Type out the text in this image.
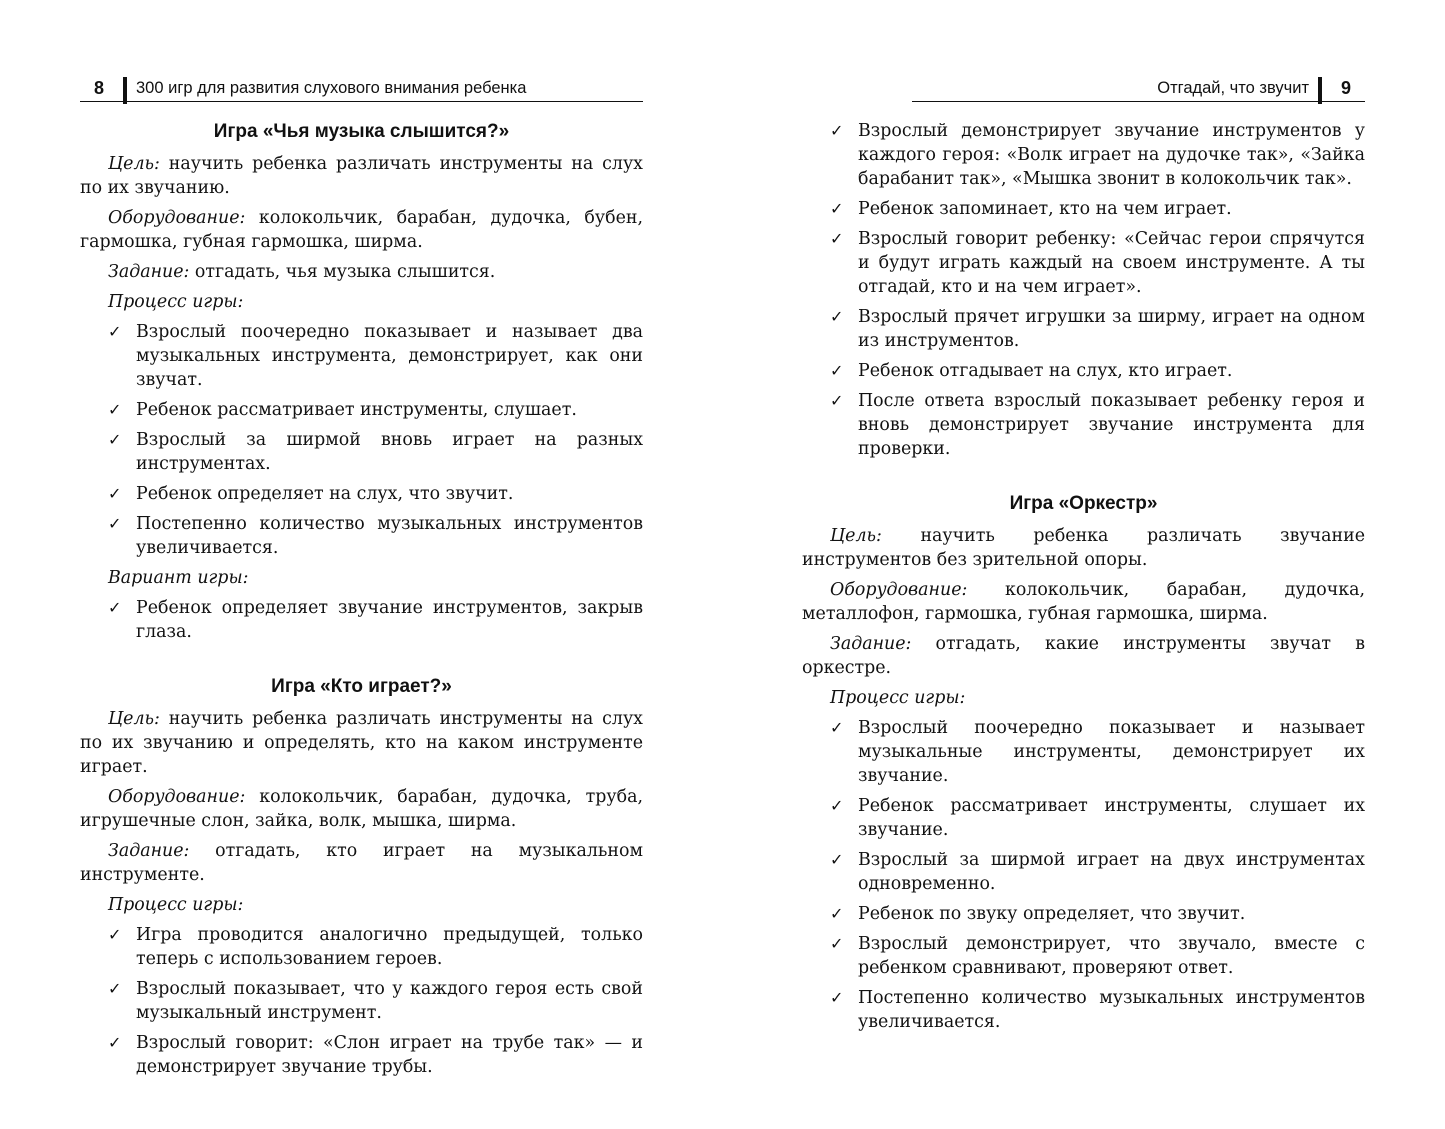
8 300 игр для развития слухового внимания ребенка
Игра «Чья музыка слышится?»
Цель: научить ребенка различать инструменты на слух по их звучанию.
Оборудование: колокольчик, барабан, дудочка, бубен, гармошка, губная гармошка, ширма.
Задание: отгадать, чья музыка слышится.
Процесс игры:
✓ Взрослый поочередно показывает и называет два музыкальных инструмента, демонстрирует, как они звучат.
✓ Ребенок рассматривает инструменты, слушает.
✓ Взрослый за ширмой вновь играет на разных инструментах.
✓ Ребенок определяет на слух, что звучит.
✓ Постепенно количество музыкальных инструментов увеличивается.
Вариант игры:
✓ Ребенок определяет звучание инструментов, закрыв глаза.
Игра «Кто играет?»
Цель: научить ребенка различать инструменты на слух по их звучанию и определять, кто на каком инструменте играет.
Оборудование: колокольчик, барабан, дудочка, труба, игрушечные слон, зайка, волк, мышка, ширма.
Задание: отгадать, кто играет на музыкальном инструменте.
Процесс игры:
✓ Игра проводится аналогично предыдущей, только теперь с использованием героев.
✓ Взрослый показывает, что у каждого героя есть свой музыкальный инструмент.
✓ Взрослый говорит: «Слон играет на трубе так» — и демонстрирует звучание трубы.
Отгадай, что звучит 9
✓ Взрослый демонстрирует звучание инструментов у каждого героя: «Волк играет на дудочке так», «Зайка барабанит так», «Мышка звонит в колокольчик так».
✓ Ребенок запоминает, кто на чем играет.
✓ Взрослый говорит ребенку: «Сейчас герои спрячутся и будут играть каждый на своем инструменте. А ты отгадай, кто и на чем играет».
✓ Взрослый прячет игрушки за ширму, играет на одном из инструментов.
✓ Ребенок отгадывает на слух, кто играет.
✓ После ответа взрослый показывает ребенку героя и вновь демонстрирует звучание инструмента для проверки.
Игра «Оркестр»
Цель: научить ребенка различать звучание инструментов без зрительной опоры.
Оборудование: колокольчик, барабан, дудочка, металлофон, гармошка, губная гармошка, ширма.
Задание: отгадать, какие инструменты звучат в оркестре.
Процесс игры:
✓ Взрослый поочередно показывает и называет музыкальные инструменты, демонстрирует их звучание.
✓ Ребенок рассматривает инструменты, слушает их звучание.
✓ Взрослый за ширмой играет на двух инструментах одновременно.
✓ Ребенок по звуку определяет, что звучит.
✓ Взрослый демонстрирует, что звучало, вместе с ребенком сравнивают, проверяют ответ.
✓ Постепенно количество музыкальных инструментов увеличивается.
